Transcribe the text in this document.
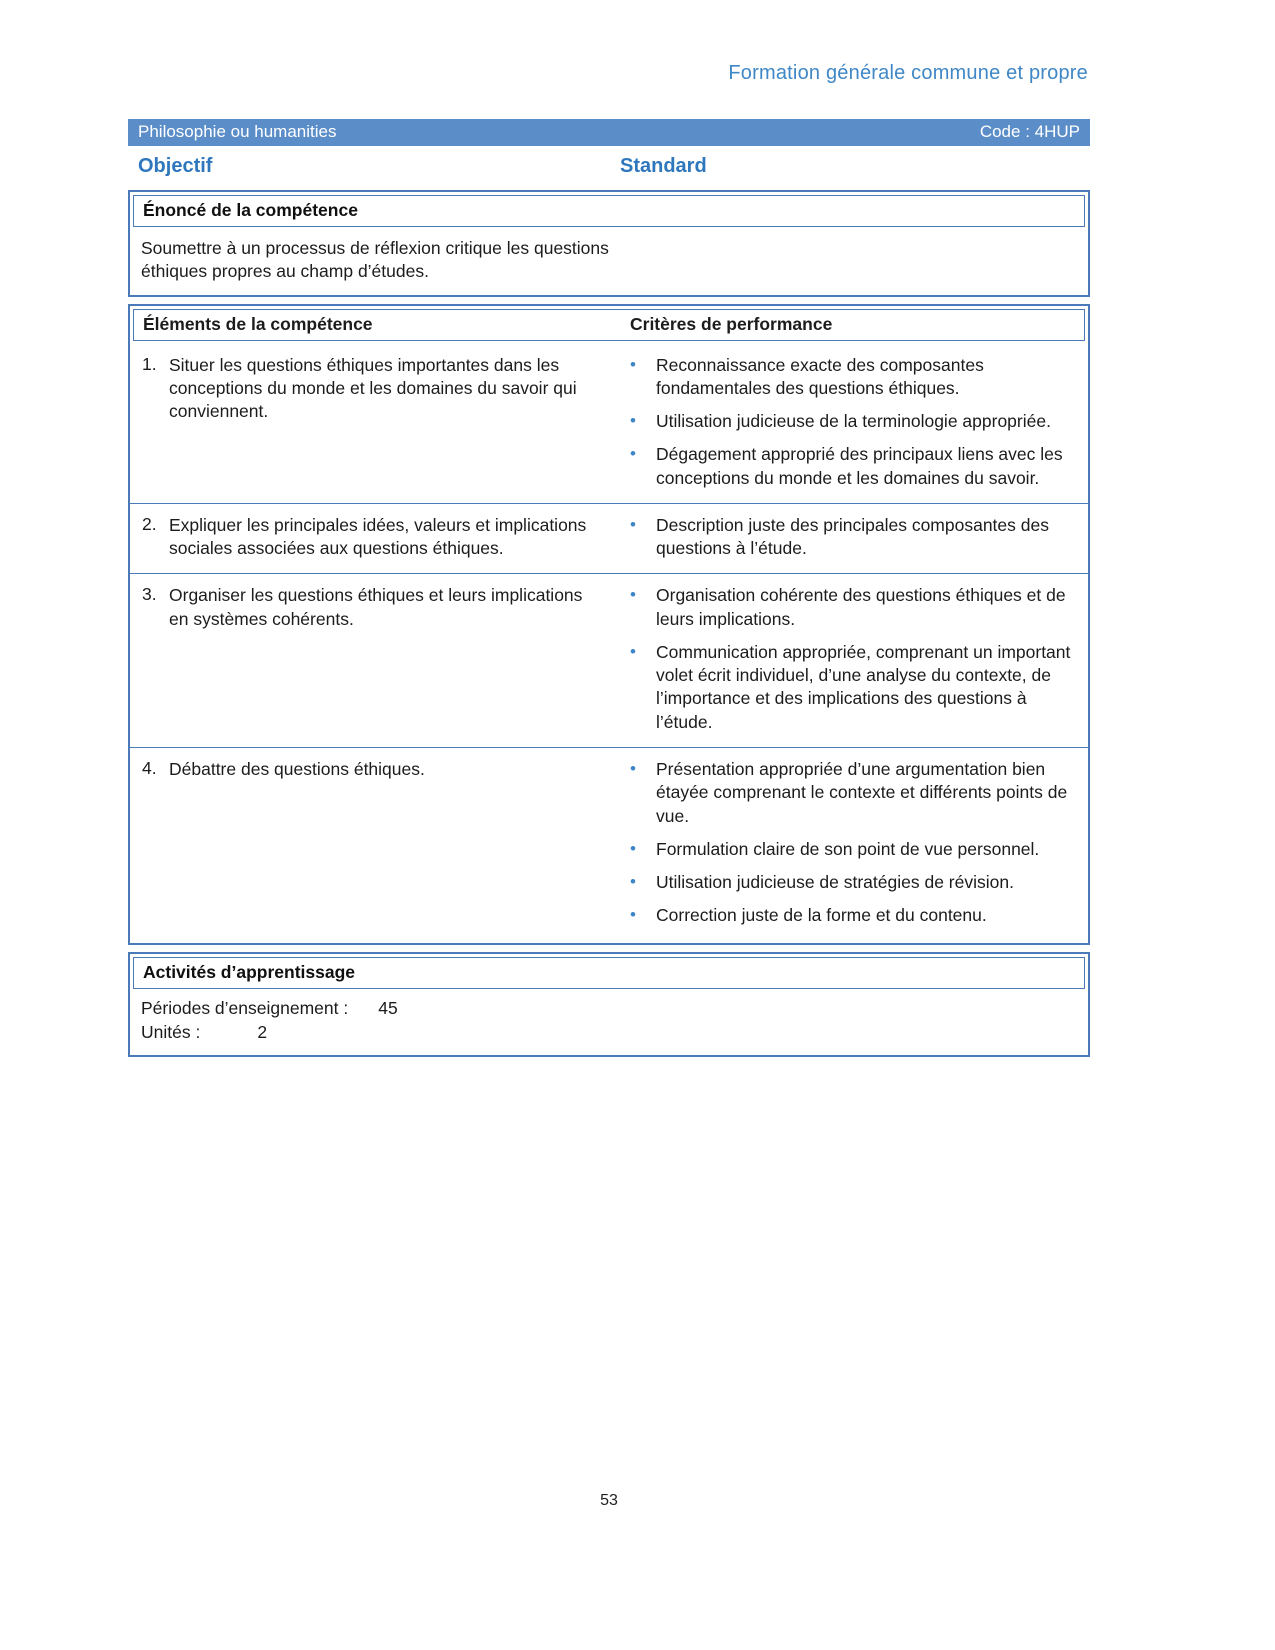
Formation générale commune et propre
Philosophie ou humanities	Code : 4HUP
Objectif	Standard
Énoncé de la compétence
Soumettre à un processus de réflexion critique les questions éthiques propres au champ d’études.
Éléments de la compétence	Critères de performance
1. Situer les questions éthiques importantes dans les conceptions du monde et les domaines du savoir qui conviennent.
•	Reconnaissance exacte des composantes fondamentales des questions éthiques.
•	Utilisation judicieuse de la terminologie appropriée.
•	Dégagement approprié des principaux liens avec les conceptions du monde et les domaines du savoir.
2. Expliquer les principales idées, valeurs et implications sociales associées aux questions éthiques.
•	Description juste des principales composantes des questions à l’étude.
3. Organiser les questions éthiques et leurs implications en systèmes cohérents.
•	Organisation cohérente des questions éthiques et de leurs implications.
•	Communication appropriée, comprenant un important volet écrit individuel, d’une analyse du contexte, de l’importance et des implications des questions à l’étude.
4. Débattre des questions éthiques.	•	Présentation appropriée d’une argumentation bien étayée comprenant le contexte et différents points de vue.
•	Formulation claire de son point de vue personnel.
•	Utilisation judicieuse de stratégies de révision.
•	Correction juste de la forme et du contenu.
Activités d’apprentissage
Périodes d’enseignement : 45
Unités :	2
53
